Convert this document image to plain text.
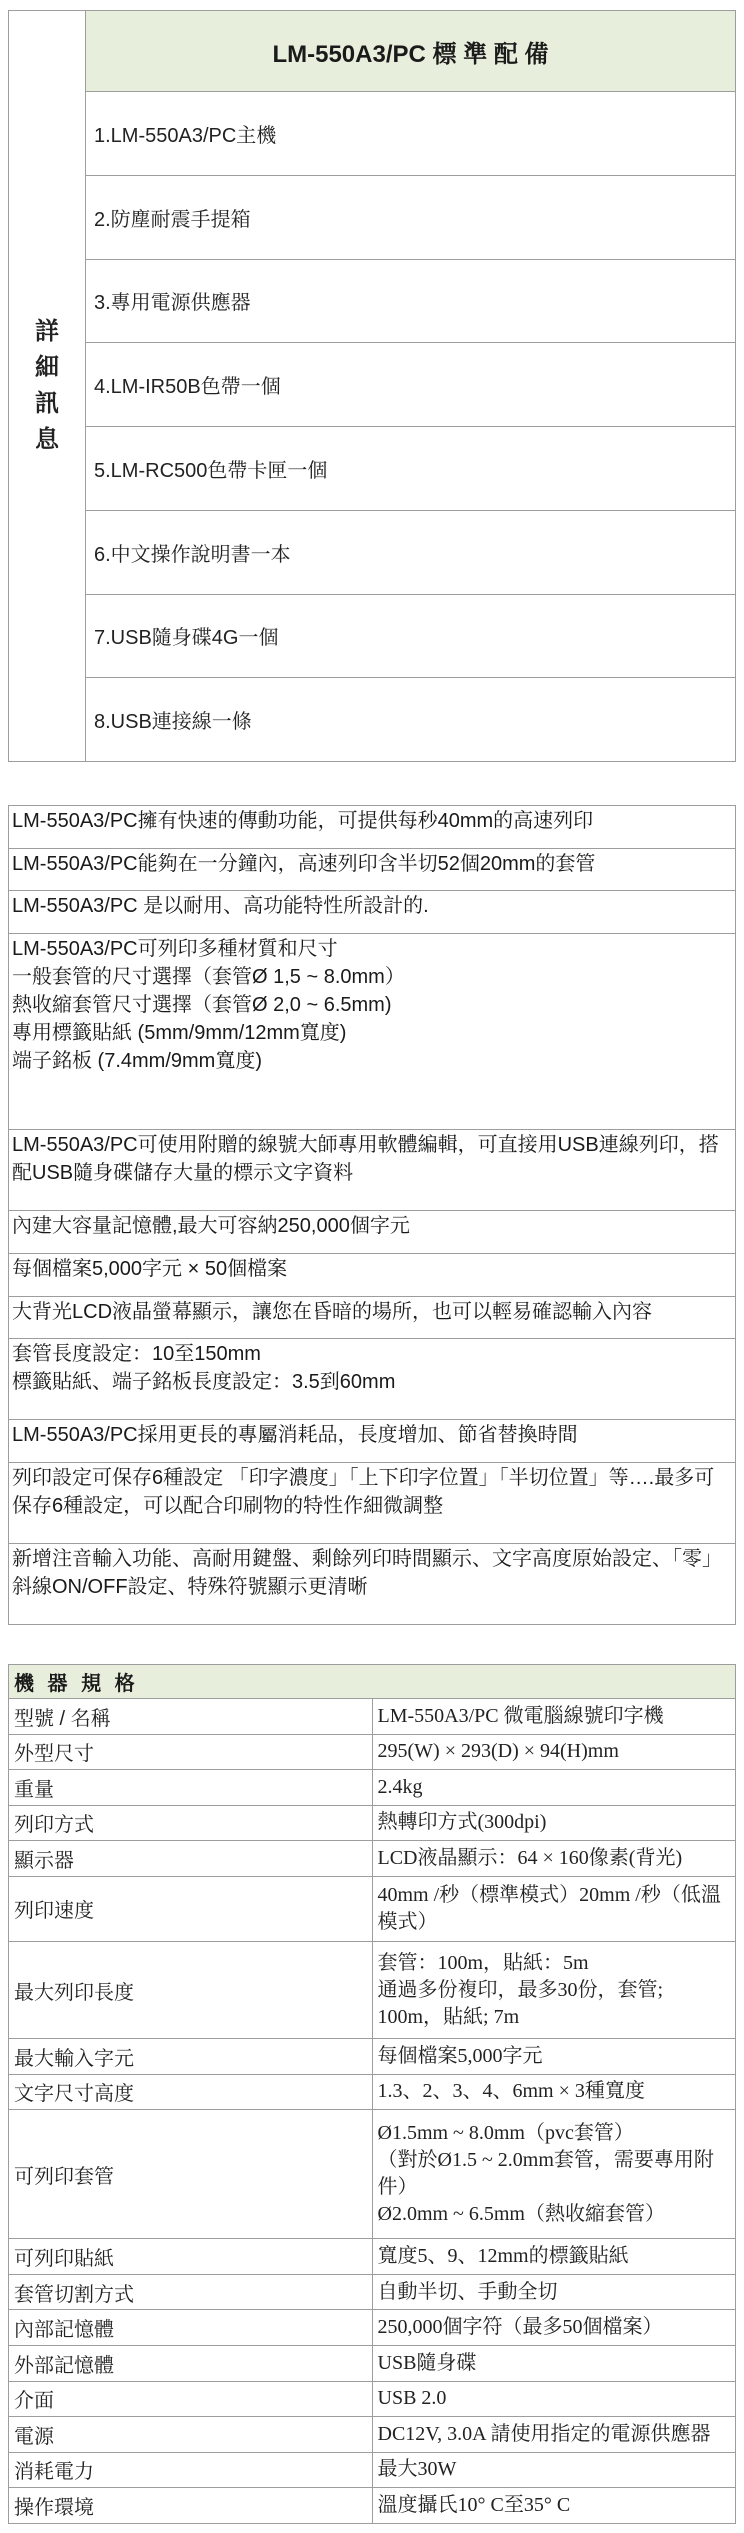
詳細訊息	LM-550A3/PC 標 準 配 備
1.LM-550A3/PC主機
2.防塵耐震手提箱
3.專用電源供應器
4.LM-IR50B色帶一個
5.LM-RC500色帶卡匣一個
6.中文操作說明書一本
7.USB隨身碟4G一個
8.USB連接線一條
LM-550A3/PC擁有快速的傳動功能，可提供每秒40mm的高速列印

LM-550A3/PC能夠在一分鐘內，高速列印含半切52個20mm的套管

LM-550A3/PC 是以耐用、高功能特性所設計的.

LM-550A3/PC可列印多種材質和尺寸
一般套管的尺寸選擇（套管Ø 1,5 ~ 8.0mm）
熱收縮套管尺寸選擇（套管Ø 2,0 ~ 6.5mm)
專用標籤貼紙 (5mm/9mm/12mm寬度)
端子銘板 (7.4mm/9mm寬度)

LM-550A3/PC可使用附贈的線號大師專用軟體編輯，可直接用USB連線列印，搭配USB隨身碟儲存大量的標示文字資料

內建大容量記憶體,最大可容納250,000個字元

每個檔案5,000字元 × 50個檔案

大背光LCD液晶螢幕顯示，讓您在昏暗的場所，也可以輕易確認輸入內容

套管長度設定：10至150mm
標籤貼紙、端子銘板長度設定：3.5到60mm

LM-550A3/PC採用更長的專屬消耗品，長度增加、節省替換時間

列印設定可保存6種設定 「印字濃度」「上下印字位置」「半切位置」等….最多可保存6種設定，可以配合印刷物的特性作細微調整

新增注音輸入功能、高耐用鍵盤、剩餘列印時間顯示、文字高度原始設定、「零」斜線ON/OFF設定、特殊符號顯示更清晰
機 器 規 格	
型號 / 名稱	LM-550A3/PC 微電腦線號印字機

外型尺寸	295(W) × 293(D) × 94(H)mm

重量	2.4kg

列印方式	熱轉印方式(300dpi)

顯示器	LCD液晶顯示：64 × 160像素(背光)

列印速度	40mm /秒（標準模式）20mm /秒（低溫模式）

最大列印長度	套管：100m，貼紙：5m
通過多份複印，最多30份，套管; 100m，貼紙; 7m

最大輸入字元	每個檔案5,000字元

文字尺寸高度	1.3、2、3、4、6mm × 3種寬度

可列印套管	Ø1.5mm ~ 8.0mm（pvc套管）
（對於Ø1.5 ~ 2.0mm套管，需要專用附件）
Ø2.0mm ~ 6.5mm（熱收縮套管）

可列印貼紙	寬度5、9、12mm的標籤貼紙

套管切割方式	自動半切、手動全切

內部記憶體	250,000個字符（最多50個檔案）

外部記憶體	USB隨身碟

介面	USB 2.0

電源	DC12V, 3.0A 請使用指定的電源供應器

消耗電力	最大30W

操作環境	溫度攝氏10° C至35° C
